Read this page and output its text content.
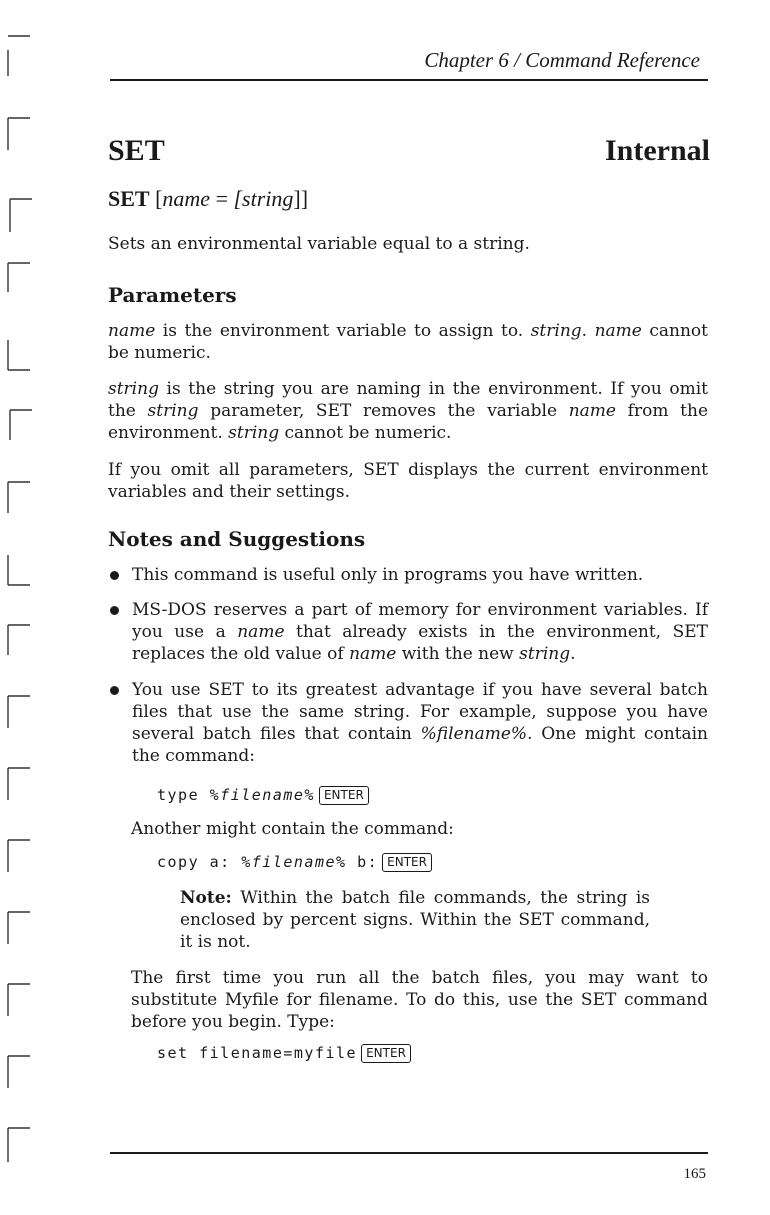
Chapter 6 / Command Reference
SET	Internal
SET [name = [string]]
Sets an environmental variable equal to a string.
Parameters
name is the environment variable to assign to. string. name cannot be numeric.
string is the string you are naming in the environment. If you omit the string parameter, SET removes the variable name from the environment. string cannot be numeric.
If you omit all parameters, SET displays the current environment variables and their settings.
Notes and Suggestions
This command is useful only in programs you have written.
MS-DOS reserves a part of memory for environment variables. If you use a name that already exists in the environment, SET replaces the old value of name with the new string.
You use SET to its greatest advantage if you have several batch files that use the same string. For example, suppose you have several batch files that contain %filename%. One might contain the command:
type %filename% ENTER
Another might contain the command:
copy a: %filename% b: ENTER
Note: Within the batch file commands, the string is enclosed by percent signs. Within the SET command, it is not.
The first time you run all the batch files, you may want to substitute Myfile for filename. To do this, use the SET command before you begin. Type:
set filename=myfile ENTER
165
